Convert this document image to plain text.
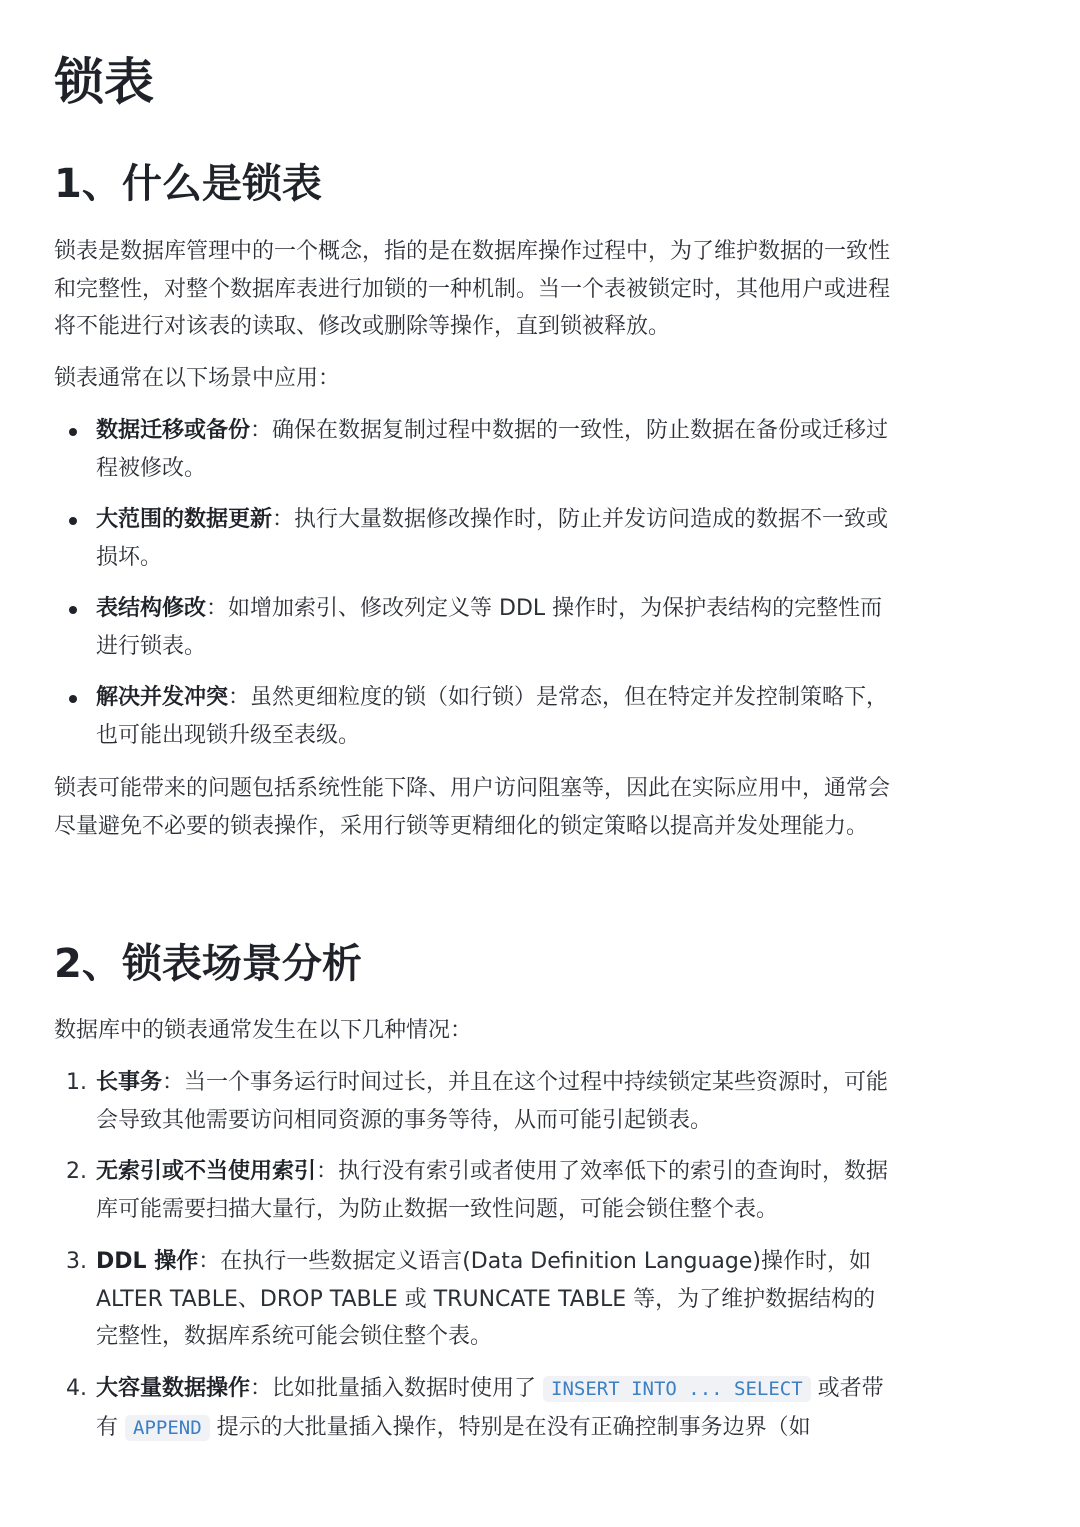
锁表
1、什么是锁表

锁表是数据库管理中的一个概念，指的是在数据库操作过程中，为了维护数据的一致性和完整性，对整个数据库表进行加锁的一种机制。当一个表被锁定时，其他用户或进程将不能进行对该表的读取、修改或删除等操作，直到锁被释放。

锁表通常在以下场景中应用：

数据迁移或备份：确保在数据复制过程中数据的一致性，防止数据在备份或迁移过程被修改。
大范围的数据更新：执行大量数据修改操作时，防止并发访问造成的数据不一致或损坏。
表结构修改：如增加索引、修改列定义等 DDL 操作时，为保护表结构的完整性而进行锁表。
解决并发冲突：虽然更细粒度的锁（如行锁）是常态，但在特定并发控制策略下，也可能出现锁升级至表级。

锁表可能带来的问题包括系统性能下降、用户访问阻塞等，因此在实际应用中，通常会尽量避免不必要的锁表操作，采用行锁等更精细化的锁定策略以提高并发处理能力。

2、锁表场景分析

数据库中的锁表通常发生在以下几种情况：

1. 长事务：当一个事务运行时间过长，并且在这个过程中持续锁定某些资源时，可能会导致其他需要访问相同资源的事务等待，从而可能引起锁表。
2. 无索引或不当使用索引：执行没有索引或者使用了效率低下的索引的查询时，数据库可能需要扫描大量行，为防止数据一致性问题，可能会锁住整个表。
3. DDL 操作：在执行一些数据定义语言(Data Definition Language)操作时，如 ALTER TABLE、DROP TABLE 或 TRUNCATE TABLE 等，为了维护数据结构的完整性，数据库系统可能会锁住整个表。
4. 大容量数据操作：比如批量插入数据时使用了 INSERT INTO ... SELECT 或者带有 APPEND 提示的大批量插入操作，特别是在没有正确控制事务边界（如
